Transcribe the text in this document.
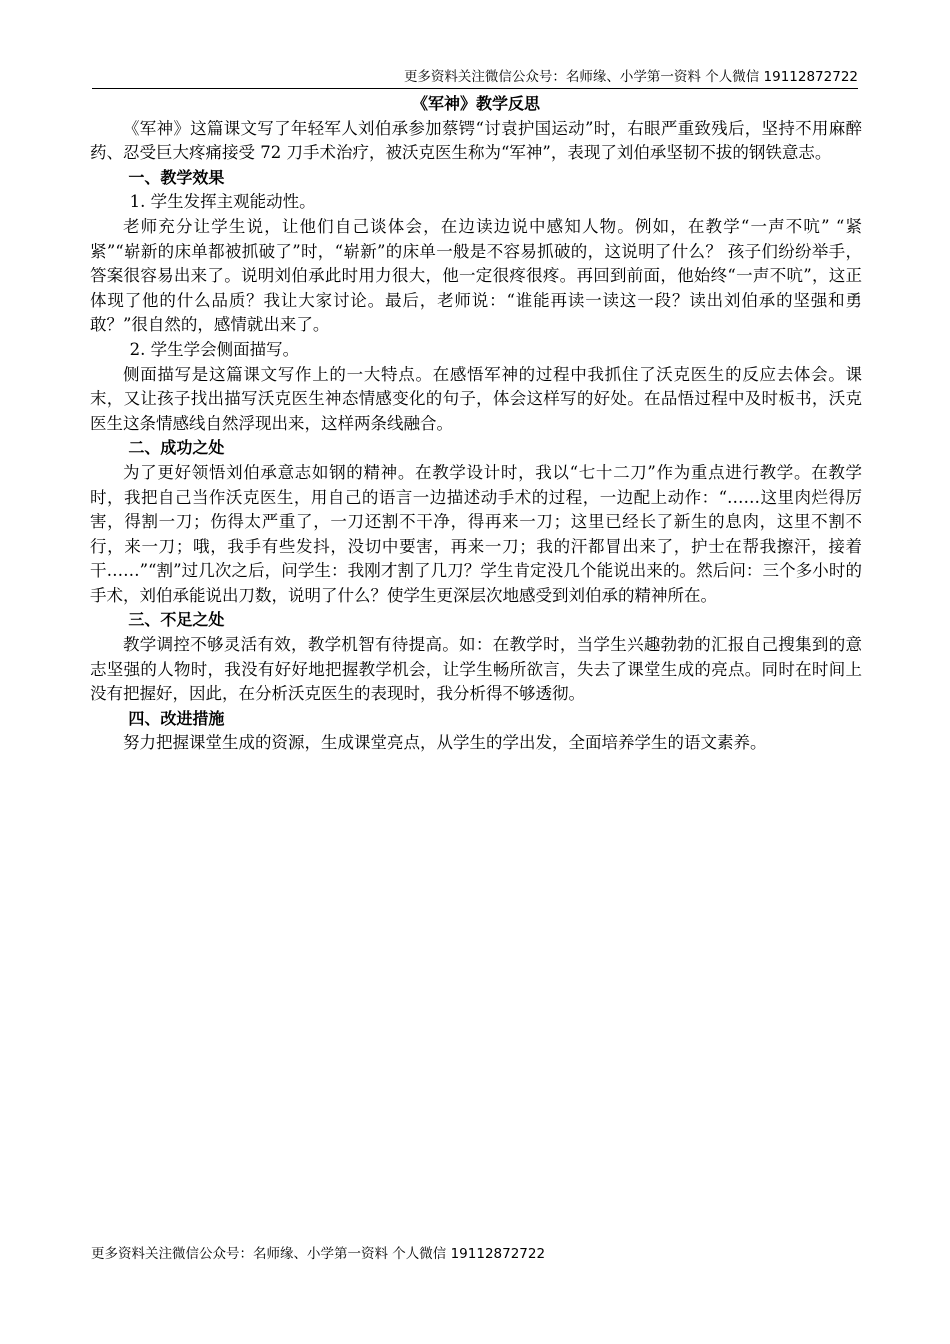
更多资料关注微信公众号：名师缘、小学第一资料 个人微信 19112872722

《军神》教学反思

《军神》这篇课文写了年轻军人刘伯承参加蔡锷“讨袁护国运动”时，右眼严重致残后，坚持不用麻醉药、忍受巨大疼痛接受 72 刀手术治疗，被沃克医生称为“军神”，表现了刘伯承坚韧不拔的钢铁意志。

一、教学效果

1. 学生发挥主观能动性。

老师充分让学生说，让他们自己谈体会，在边读边说中感知人物。例如，在教学“一声不吭” “紧紧”“崭新的床单都被抓破了”时，“崭新”的床单一般是不容易抓破的，这说明了什么？ 孩子们纷纷举手，答案很容易出来了。说明刘伯承此时用力很大，他一定很疼很疼。再回到前面，他始终“一声不吭”，这正体现了他的什么品质？我让大家讨论。最后，老师说：“谁能再读一读这一段？读出刘伯承的坚强和勇敢？”很自然的，感情就出来了。

2. 学生学会侧面描写。

侧面描写是这篇课文写作上的一大特点。在感悟军神的过程中我抓住了沃克医生的反应去体会。课末，又让孩子找出描写沃克医生神态情感变化的句子，体会这样写的好处。在品悟过程中及时板书，沃克医生这条情感线自然浮现出来，这样两条线融合。

二、成功之处

为了更好领悟刘伯承意志如钢的精神。在教学设计时，我以“七十二刀”作为重点进行教学。在教学时，我把自己当作沃克医生，用自己的语言一边描述动手术的过程，一边配上动作：“……这里肉烂得厉害，得割一刀；伤得太严重了，一刀还割不干净，得再来一刀；这里已经长了新生的息肉，这里不割不行，来一刀；哦，我手有些发抖，没切中要害，再来一刀；我的汗都冒出来了，护士在帮我擦汗，接着干……”“割”过几次之后，问学生：我刚才割了几刀？学生肯定没几个能说出来的。然后问：三个多小时的手术，刘伯承能说出刀数，说明了什么？使学生更深层次地感受到刘伯承的精神所在。

三、不足之处

教学调控不够灵活有效，教学机智有待提高。如：在教学时，当学生兴趣勃勃的汇报自己搜集到的意志坚强的人物时，我没有好好地把握教学机会，让学生畅所欲言，失去了课堂生成的亮点。同时在时间上没有把握好，因此，在分析沃克医生的表现时，我分析得不够透彻。

四、改进措施

努力把握课堂生成的资源，生成课堂亮点，从学生的学出发，全面培养学生的语文素养。

更多资料关注微信公众号：名师缘、小学第一资料 个人微信 19112872722
